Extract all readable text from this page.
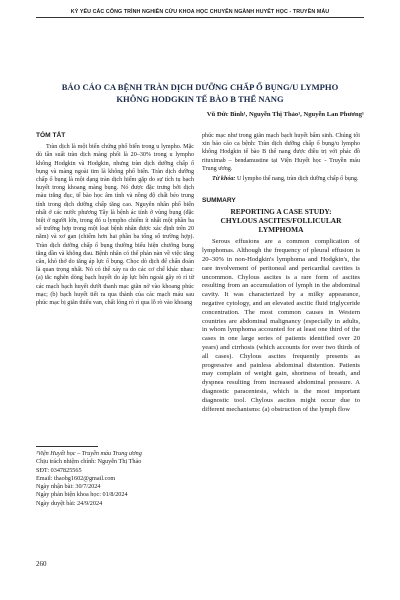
KỶ YẾU CÁC CÔNG TRÌNH NGHIÊN CỨU KHOA HỌC CHUYÊN NGÀNH HUYẾT HỌC - TRUYỀN MÁU
BÁO CÁO CA BỆNH TRÀN DỊCH DƯỠNG CHẤP Ổ BỤNG/U LYMPHO
KHÔNG HODGKIN TẾ BÀO B THỂ NANG
Vũ Đức Bình¹, Nguyễn Thị Thảo¹, Nguyễn Lan Phương¹
TÓM TẮT

Tràn dịch là một biến chứng phổ biến trong u lympho. Mặc dù tần suất tràn dịch màng phổi là 20–30% trong u lympho không Hodgkin và Hodgkin, nhưng tràn dịch dưỡng chấp ổ bụng và màng ngoài tim là không phổ biến. Tràn dịch dưỡng chấp ổ bụng là một dạng tràn dịch hiếm gặp do sự tích tụ bạch huyết trong khoang màng bụng. Nó được đặc trưng bởi dịch màu trắng đục, tế bào học âm tính và nồng độ chất béo trung tính trong dịch dưỡng chấp tăng cao. Nguyên nhân phổ biến nhất ở các nước phương Tây là bệnh ác tính ở vùng bụng (đặc biệt ở người lớn, trong đó u lympho chiếm ít nhất một phần ba số trường hợp trong một loạt bệnh nhân được xác định trên 20 năm) và xơ gan (chiếm hơn hai phần ba tổng số trường hợp). Tràn dịch dưỡng chấp ổ bụng thường biểu hiện chướng bụng tăng dần và không đau. Bệnh nhân có thể phàn nàn về việc tăng cân, khó thở do tăng áp lực ổ bụng. Chọc dò dịch để chẩn đoán là quan trọng nhất. Nó có thể xảy ra do các cơ chế khác nhau: (a) tắc nghẽn dòng bạch huyết do áp lực bên ngoài gây rò rỉ từ các mạch bạch huyết dưới thanh mạc giãn nở vào khoang phúc mạc; (b) bạch huyết tiết ra qua thành của các mạch máu sau phúc mạc bị giãn thiếu van, chất lỏng rò rỉ qua lỗ rò vào khoang

phúc mạc như trong giãn mạch bạch huyết bẩm sinh. Chúng tôi xin báo cáo ca bệnh: Tràn dịch dưỡng chấp ổ bụng/u lympho không Hodgkin tế bào B thể nang được điều trị với phác đồ rituximab – bendamustine tại Viện Huyết học - Truyền máu Trung ương.

Từ khóa: U lympho thể nang, tràn dịch dưỡng chấp ổ bụng.

SUMMARY
REPORTING A CASE STUDY:
CHYLOUS ASCITES/FOLLICULAR
LYMPHOMA

Serous effusions are a common complication of lymphomas. Although the frequency of pleural effusion is 20–30% in non-Hodgkin's lymphoma and Hodgkin's, the rare involvement of peritoneal and pericardial cavities is uncommon. Chylous ascites is a rare form of ascites resulting from an accumulation of lymph in the abdominal cavity. It was characterized by a milky appearance, negative cytology, and an elevated ascitic fluid triglyceride concentration. The most common causes in Western countries are abdominal malignancy (especially in adults, in whom lymphoma accounted for at least one third of the cases in one large series of patients identified over 20 years) and cirrhosis (which accounts for over two thirds of all cases). Chylous ascites frequently presents as progressive and painless abdominal distention. Patients may complain of weight gain, shortness of breath, and dyspnea resulting from increased abdominal pressure. A diagnostic paracentesis, which is the most important diagnostic tool. Chylous ascites might occur due to different mechanisms: (a) obstruction of the lymph flow

¹Viện Huyết học – Truyền máu Trung ương
Chịu trách nhiệm chính: Nguyễn Thị Thảo
SĐT: 0347825565
Email: thaobg1602@gmail.com
Ngày nhận bài: 30/7/2024
Ngày phản biện khoa học: 01/8/2024
Ngày duyệt bài: 24/9/2024
260
